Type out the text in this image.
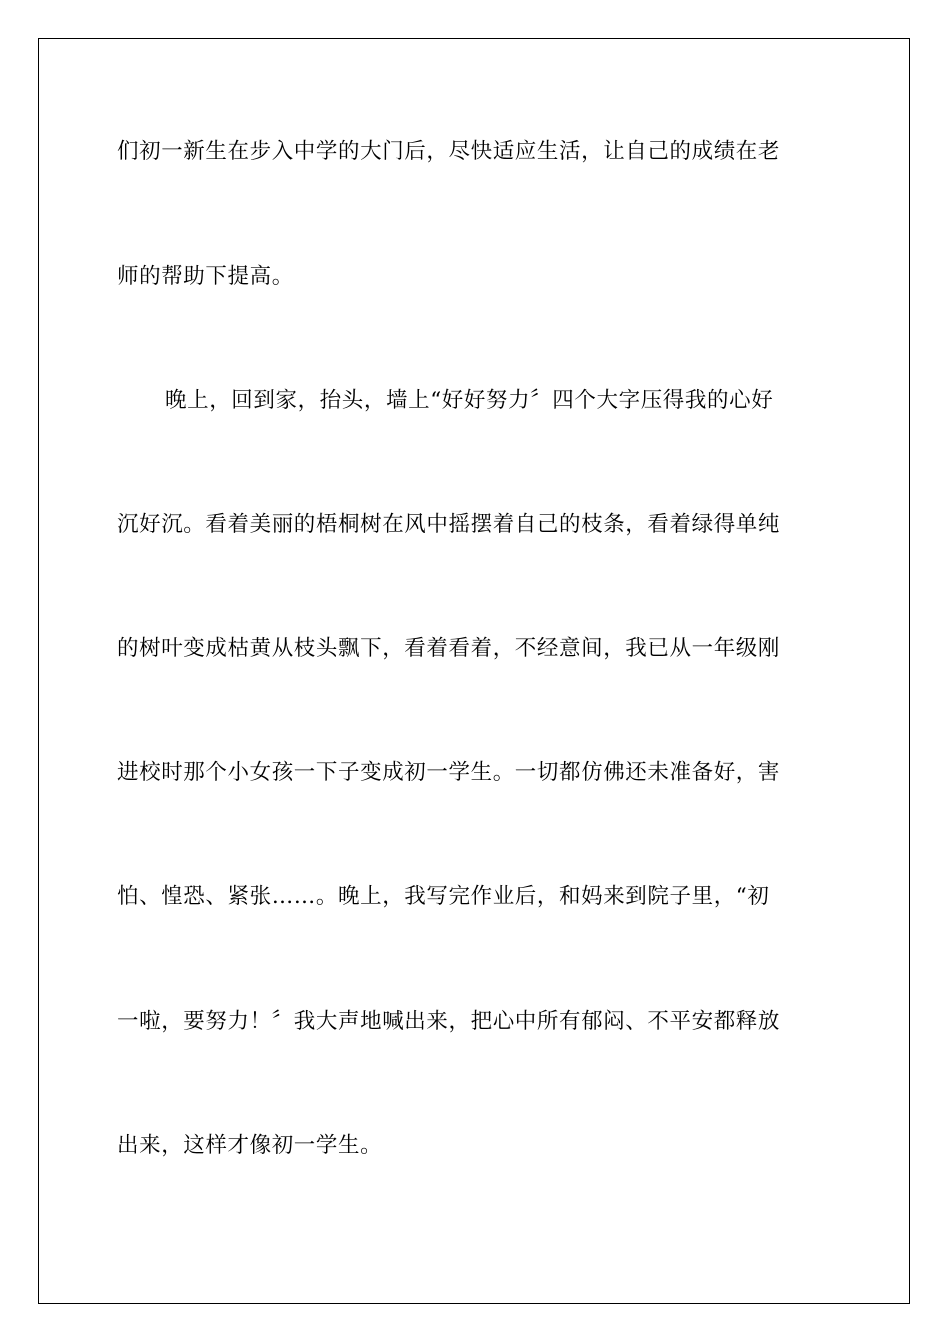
们初一新生在步入中学的大门后，尽快适应生活，让自己的成绩在老
师的帮助下提高。
晚上，回到家，抬头，墙上“好好努力〞四个大字压得我的心好
沉好沉。看着美丽的梧桐树在风中摇摆着自己的枝条，看着绿得单纯
的树叶变成枯黄从枝头飘下，看着看着，不经意间，我已从一年级刚
进校时那个小女孩一下子变成初一学生。一切都仿佛还未准备好，害
怕、惶恐、紧张……。晚上，我写完作业后，和妈来到院子里，“初
一啦，要努力！〞我大声地喊出来，把心中所有郁闷、不平安都释放
出来，这样才像初一学生。
